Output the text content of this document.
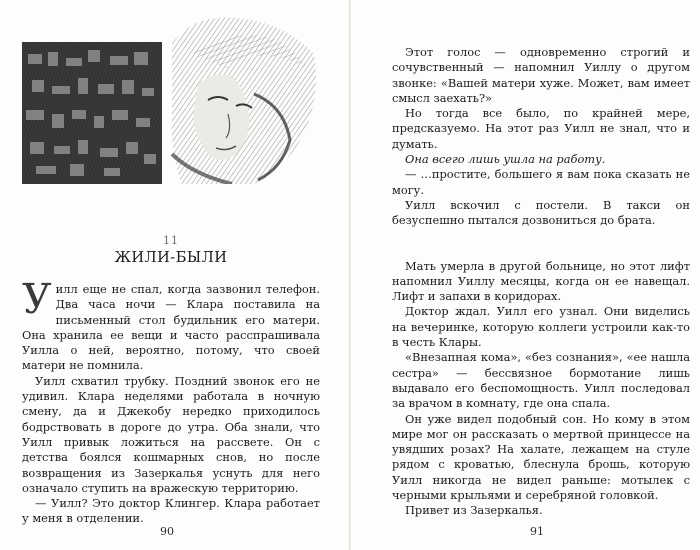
11
ЖИЛИ-БЫЛИ

Уилл еще не спал, когда зазвонил телефон. Два часа ночи — Клара поставила на письменный стол будильник его матери. Она хранила ее вещи и часто расспрашивала Уилла о ней, вероятно, потому, что своей матери не помнила.

Уилл схватил трубку. Поздний звонок его не удивил. Клара неделями работала в ночную смену, да и Джекобу нередко приходилось бодрствовать в дороге до утра. Оба знали, что Уилл привык ложиться на рассвете. Он с детства боялся кошмарных снов, но после возвращения из Зазеркалья уснуть для него означало ступить на вражескую территорию.

— Уилл? Это доктор Клингер. Клара работает у меня в отделении.

90

Этот голос — одновременно строгий и сочувственный — напомнил Уиллу о другом звонке: «Вашей матери хуже. Может, вам имеет смысл заехать?»

Но тогда все было, по крайней мере, предсказуемо. На этот раз Уилл не знал, что и думать.

Она всего лишь ушла на работу.

— …простите, большего я вам пока сказать не могу.

Уилл вскочил с постели. В такси он безуспешно пытался дозвониться до брата.

Мать умерла в другой больнице, но этот лифт напомнил Уиллу месяцы, когда он ее навещал. Лифт и запахи в коридорах.

Доктор ждал. Уилл его узнал. Они виделись на вечеринке, которую коллеги устроили как-то в честь Клары.

«Внезапная кома», «без сознания», «ее нашла сестра» — бессвязное бормотание лишь выдавало его беспомощность. Уилл последовал за врачом в комнату, где она спала.

Он уже видел подобный сон. Но кому в этом мире мог он рассказать о мертвой принцессе на увядших розах? На халате, лежащем на стуле рядом с кроватью, блеснула брошь, которую Уилл никогда не видел раньше: мотылек с черными крыльями и серебряной головкой.

Привет из Зазеркалья.

91
